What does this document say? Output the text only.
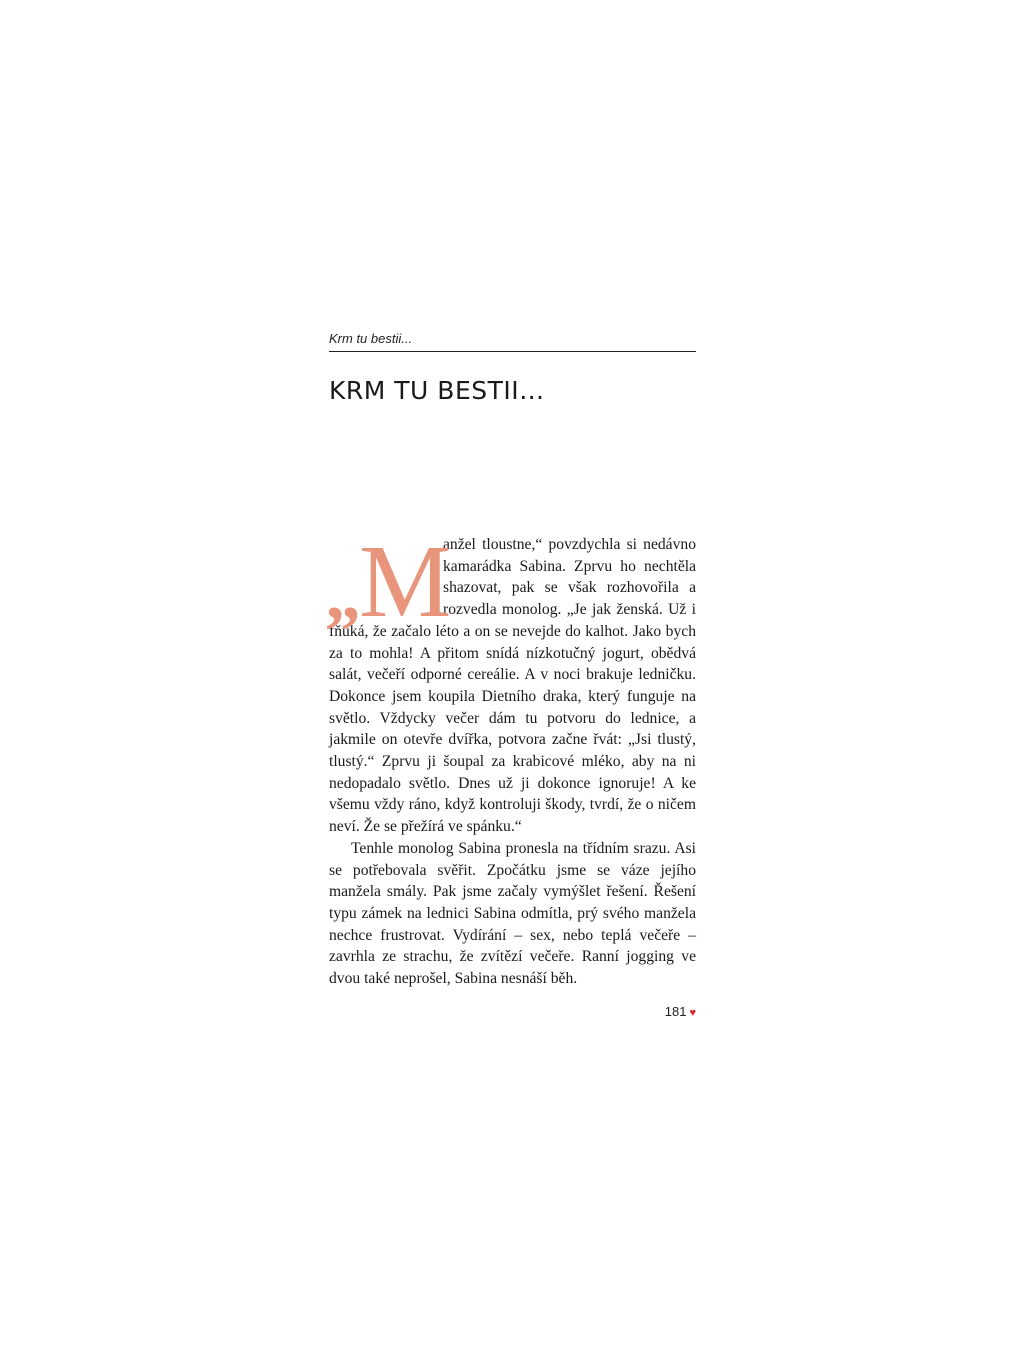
Krm tu bestii...
KRM TU BESTII…

„
M
anžel tloustne,“ povzdychla si nedávno kamarádka Sabina. Zprvu ho nechtěla shazovat, pak se však rozhovořila a rozvedla monolog. „Je jak ženská. Už i fňuká, že začalo léto a on se nevejde do kalhot. Jako bych za to mohla! A přitom snídá nízkotučný jogurt, obědvá salát, večeří odporné cereálie. A v noci brakuje ledničku. Dokonce jsem koupila Dietního draka, který funguje na světlo. Vždycky večer dám tu potvoru do lednice, a jakmile on otevře dvířka, potvora začne řvát: „Jsi tlustý, tlustý.“ Zprvu ji šoupal za krabicové mléko, aby na ni nedopadalo světlo. Dnes už ji dokonce ignoruje! A ke všemu vždy ráno, když kontroluji škody, tvrdí, že o ničem neví. Že se přežírá ve spánku.“

Tenhle monolog Sabina pronesla na třídním srazu. Asi se potřebovala svěřit. Zpočátku jsme se váze jejího manžela smály. Pak jsme začaly vymýšlet řešení. Řešení typu zámek na lednici Sabina odmítla, prý svého manžela nechce frustrovat. Vydírání – sex, nebo teplá večeře – zavrhla ze strachu, že zvítězí večeře. Ranní jogging ve dvou také neprošel, Sabina nesnáší běh.

181 ♥
